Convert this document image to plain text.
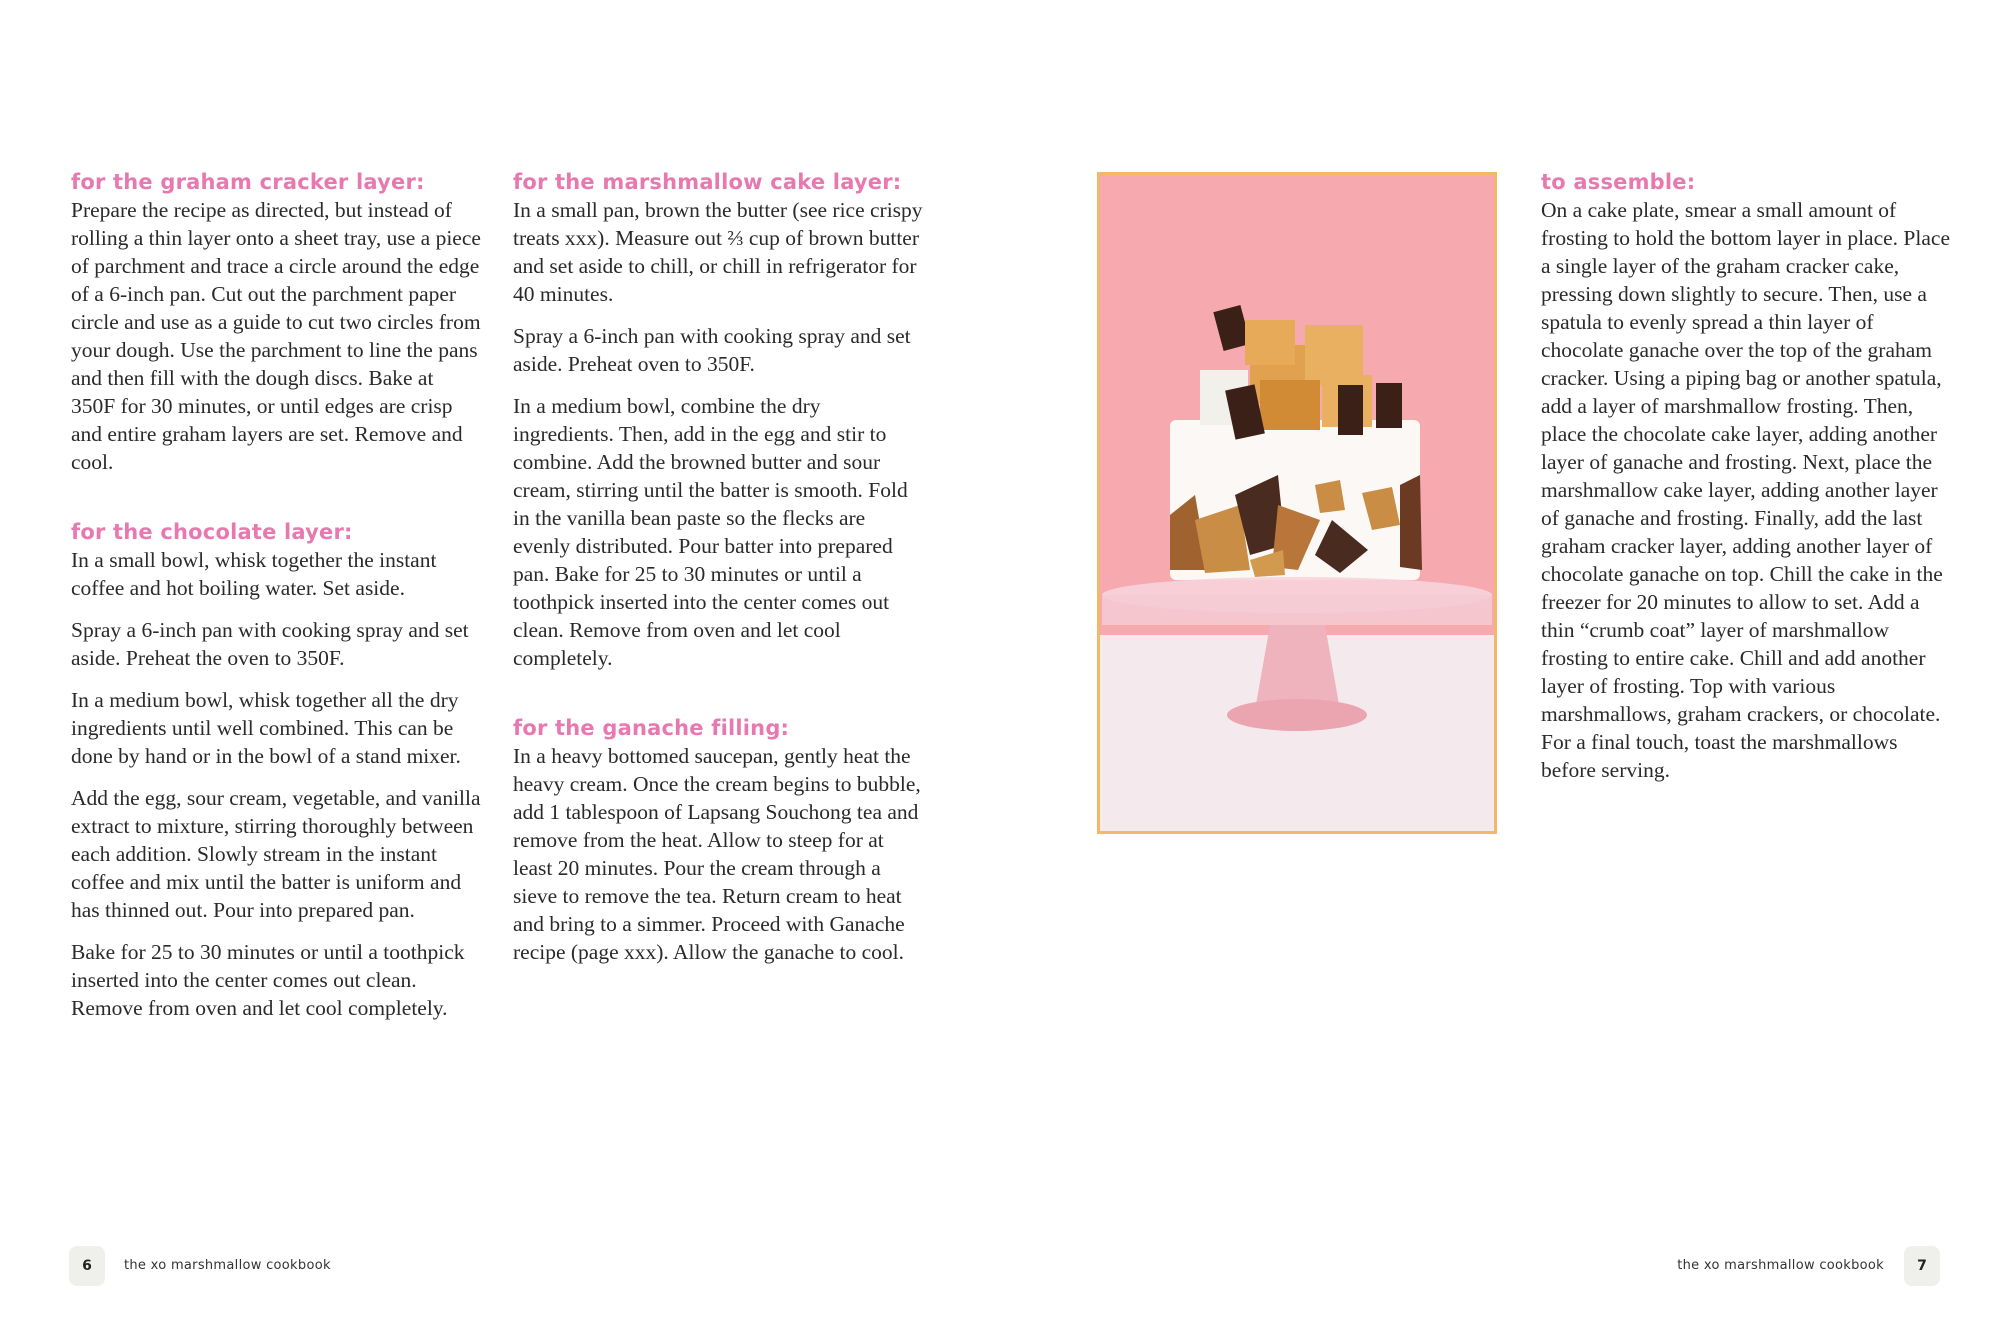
for the graham cracker layer:

Prepare the recipe as directed, but instead of rolling a thin layer onto a sheet tray, use a piece of parchment and trace a circle around the edge of a 6-inch pan. Cut out the parchment paper circle and use as a guide to cut two circles from your dough. Use the parchment to line the pans and then fill with the dough discs. Bake at 350F for 30 minutes, or until edges are crisp and entire graham layers are set. Remove and cool.

for the chocolate layer:

In a small bowl, whisk together the instant coffee and hot boiling water. Set aside.

Spray a 6-inch pan with cooking spray and set aside. Preheat the oven to 350F.

In a medium bowl, whisk together all the dry ingredients until well combined. This can be done by hand or in the bowl of a stand mixer.

Add the egg, sour cream, vegetable, and vanilla extract to mixture, stirring thoroughly between each addition. Slowly stream in the instant coffee and mix until the batter is uniform and has thinned out. Pour into prepared pan.

Bake for 25 to 30 minutes or until a toothpick inserted into the center comes out clean. Remove from oven and let cool completely.

for the marshmallow cake layer:

In a small pan, brown the butter (see rice crispy treats xxx). Measure out ⅔ cup of brown butter and set aside to chill, or chill in refrigerator for 40 minutes.

Spray a 6-inch pan with cooking spray and set aside. Preheat oven to 350F.

In a medium bowl, combine the dry ingredients. Then, add in the egg and stir to combine. Add the browned butter and sour cream, stirring until the batter is smooth. Fold in the vanilla bean paste so the flecks are evenly distributed. Pour batter into prepared pan. Bake for 25 to 30 minutes or until a toothpick inserted into the center comes out clean. Remove from oven and let cool completely.

for the ganache filling:

In a heavy bottomed saucepan, gently heat the heavy cream. Once the cream begins to bubble, add 1 tablespoon of Lapsang Souchong tea and remove from the heat. Allow to steep for at least 20 minutes. Pour the cream through a sieve to remove the tea. Return cream to heat and bring to a simmer. Proceed with Ganache recipe (page xxx). Allow the ganache to cool.

to assemble:

On a cake plate, smear a small amount of frosting to hold the bottom layer in place. Place a single layer of the graham cracker cake, pressing down slightly to secure. Then, use a spatula to evenly spread a thin layer of chocolate ganache over the top of the graham cracker. Using a piping bag or another spatula, add a layer of marshmallow frosting. Then, place the chocolate cake layer, adding another layer of ganache and frosting. Next, place the marshmallow cake layer, adding another layer of ganache and frosting. Finally, add the last graham cracker layer, adding another layer of chocolate ganache on top. Chill the cake in the freezer for 20 minutes to allow to set. Add a thin “crumb coat” layer of marshmallow frosting to entire cake. Chill and add another layer of frosting. Top with various marshmallows, graham crackers, or chocolate. For a final touch, toast the marshmallows before serving.

6	the xo marshmallow cookbook	the xo marshmallow cookbook	7
